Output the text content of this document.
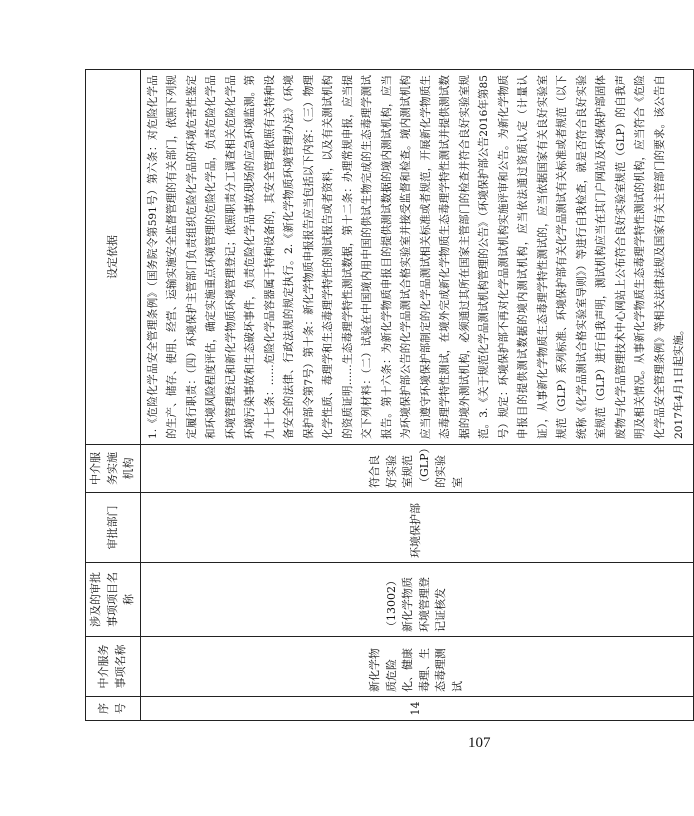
序号	中介服务事项名称	涉及的审批事项项目名称	审批部门	中介服务实施机构	设定依据
14	新化学物质危险化、健康毒理、生态毒理测试	（13002）新化学物质环境管理登记证核发	环境保护部	符合良好实验室规范（GLP）的实验室	1.《危险化学品安全管理条例》（国务院令第591号）第六条：对危险化学品的生产、储存、使用、经营、运输实施安全监督管理的有关部门，依照下列规定履行职责：（四）环境保护主管部门负责组织危险化学品的环境危害性鉴定和环境风险程度评估，确定实施重点环境管理的危险化学品，负责危险化学品环境管理登记和新化学物质环境管理登记；依照职责分工调查相关危险化学品环境污染事故和生态破坏事件，负责危险化学品事故现场的应急环境监测。第九十七条：……危险化学品容器属于特种设备的，其安全管理依照有关特种设备安全的法律、行政法规的规定执行。2.《新化学物质环境管理办法》（环境保护部令第7号）第十条：新化学物质申报报告应当包括以下内容：（三）物理化学性质、毒理学和生态毒理学特性的测试报告或者资料，以及有关测试机构的资质证明……生态毒理学特性测试数据，第十二条：办理常规申报，应当提交下列材料：（二）试验在中国境内用中国的供试生物完成的生态毒理学测试报告。第十六条：为新化学物质申报目的提供测试数据的境内测试机构，应当为环境保护部公告的化学品测试合格实验室并接受监督和检查。境内测试机构应当遵守环境保护部制定的化学品测试相关标准或者规范，开展新化学物质生态毒理学特性测试，在境外完成新化学物质生态毒理学特性测试并提供测试数据的境外测试机构，必须通过其所在国家主管部门的检查并符合良好实验室规范。3.《关于规范化学品测试机构管理的公告》（环境保护部公告2016年第85号）规定：环境保护部不再对化学品测试机构实施评审和公告。为新化学物质申报目的提供测试数据的境内测试机构，应当依法通过资质认定（计量认证），从事新化学物质生态毒理学特性测试的，应当依据国家有关良好实验室规范（GLP）系列标准、环境保护部有关化学品测试有关标准或者规范（以下统称《化学品测试合格实验室导则》）等进行自我检查，就是否符合良好实验室规范（GLP）进行自我声明，测试机构应当在其门户网站及环境保护部固体废物与化学品管理技术中心网站上公布符合良好实验室规范（GLP）的自我声明及相关情况。从事新化学物质生态毒理学特性测试的机构，应当符合《危险化学品安全管理条例》等相关法律法规及国家有关主管部门的要求。该公告自2017年4月1日起实施。
107
